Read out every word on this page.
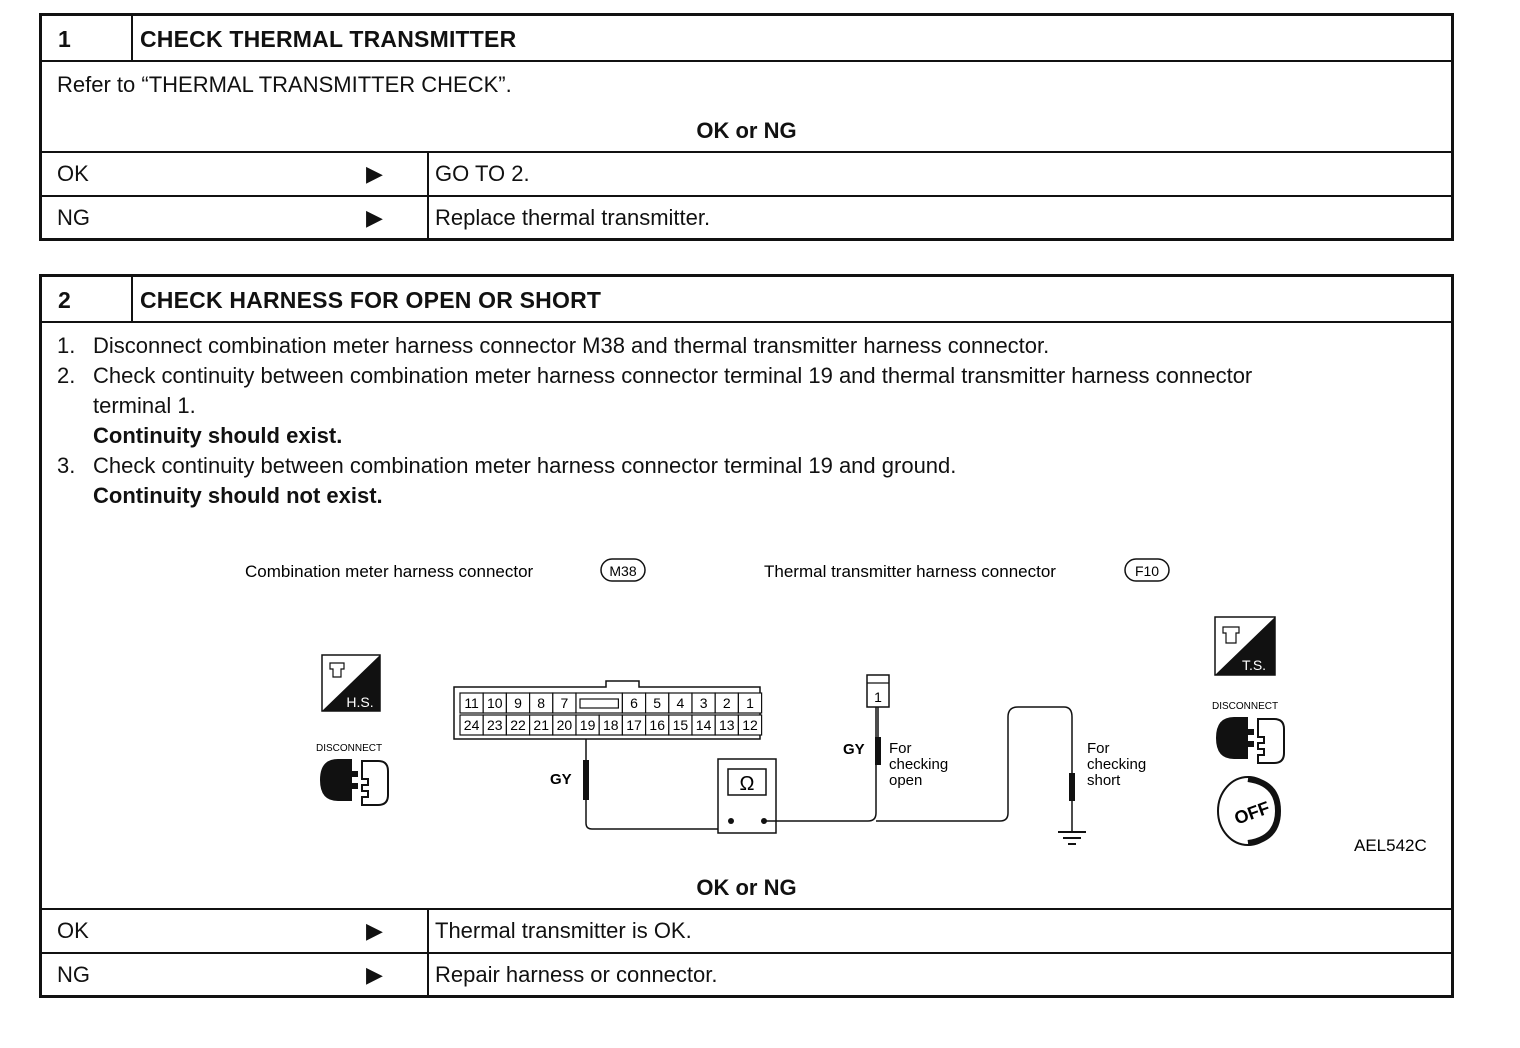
1	CHECK THERMAL TRANSMITTER
Refer to “THERMAL TRANSMITTER CHECK”.
OK or NG
OK	▶ GO TO 2.
NG	▶ Replace thermal transmitter.
2	CHECK HARNESS FOR OPEN OR SHORT
1. Disconnect combination meter harness connector M38 and thermal transmitter harness connector.
2. Check continuity between combination meter harness connector terminal 19 and thermal transmitter harness connector
terminal 1.
Continuity should exist.
3. Check continuity between combination meter harness connector terminal 19 and ground.
Continuity should not exist.
Combination meter harness connector	M38	Thermal transmitter harness connector	F10
H.S.
DISCONNECT
11 10 9 8 7	6 5 4 3 2 1
24 23 22 21 20 19 18 17 16 15 14 13 12
GY	Ω
1
GY For checking open
For checking short
T.S.
DISCONNECT
OFF
AEL542C
OK or NG
OK	▶ Thermal transmitter is OK.
NG	▶ Repair harness or connector.
